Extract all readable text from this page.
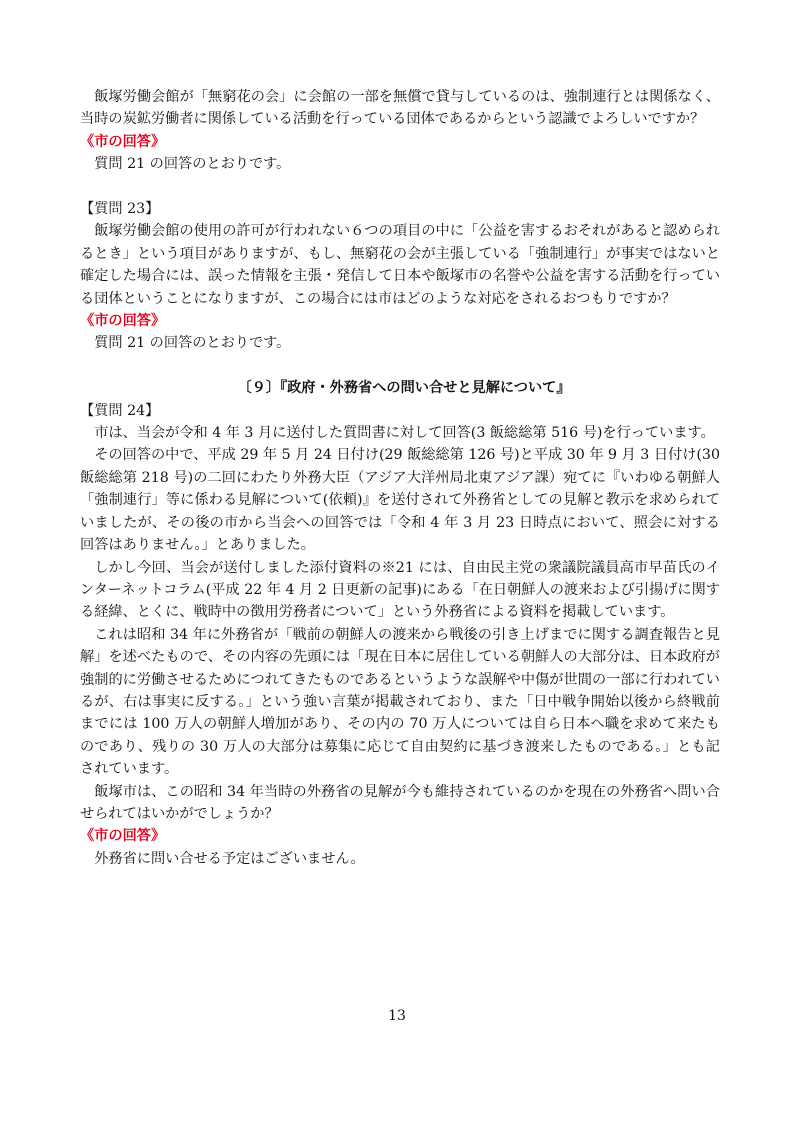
飯塚労働会館が「無窮花の会」に会館の一部を無償で貸与しているのは、強制連行とは関係なく、当時の炭鉱労働者に関係している活動を行っている団体であるからという認識でよろしいですか？

《市の回答》

質問 21 の回答のとおりです。

【質問 23】

飯塚労働会館の使用の許可が行われない６つの項目の中に「公益を害するおそれがあると認められるとき」という項目がありますが、もし、無窮花の会が主張している「強制連行」が事実ではないと確定した場合には、誤った情報を主張・発信して日本や飯塚市の名誉や公益を害する活動を行っている団体ということになりますが、この場合には市はどのような対応をされるおつもりですか？

《市の回答》

質問 21 の回答のとおりです。

〔９〕『政府・外務省への問い合せと見解について』

【質問 24】

市は、当会が令和 4 年 3 月に送付した質問書に対して回答(3 飯総総第 516 号)を行っています。

その回答の中で、平成 29 年 5 月 24 日付け(29 飯総総第 126 号)と平成 30 年 9 月 3 日付け(30 飯総総第 218 号)の二回にわたり外務大臣（アジア大洋州局北東アジア課）宛てに『いわゆる朝鮮人「強制連行」等に係わる見解について(依頼)』を送付されて外務省としての見解と教示を求められていましたが、その後の市から当会への回答では「令和 4 年 3 月 23 日時点において、照会に対する回答はありません。」とありました。

しかし今回、当会が送付しました添付資料の※21 には、自由民主党の衆議院議員高市早苗氏のインターネットコラム(平成 22 年 4 月 2 日更新の記事)にある「在日朝鮮人の渡来および引揚げに関する経緯、とくに、戦時中の徴用労務者について」という外務省による資料を掲載しています。

これは昭和 34 年に外務省が「戦前の朝鮮人の渡来から戦後の引き上げまでに関する調査報告と見解」を述べたもので、その内容の先頭には「現在日本に居住している朝鮮人の大部分は、日本政府が強制的に労働させるためにつれてきたものであるというような誤解や中傷が世間の一部に行われているが、右は事実に反する。」という強い言葉が掲載されており、また「日中戦争開始以後から終戦前までには 100 万人の朝鮮人増加があり、その内の 70 万人については自ら日本へ職を求めて来たものであり、残りの 30 万人の大部分は募集に応じて自由契約に基づき渡来したものである。」とも記されています。

飯塚市は、この昭和 34 年当時の外務省の見解が今も維持されているのかを現在の外務省へ問い合せられてはいかがでしょうか？

《市の回答》

外務省に問い合せる予定はございません。

13
